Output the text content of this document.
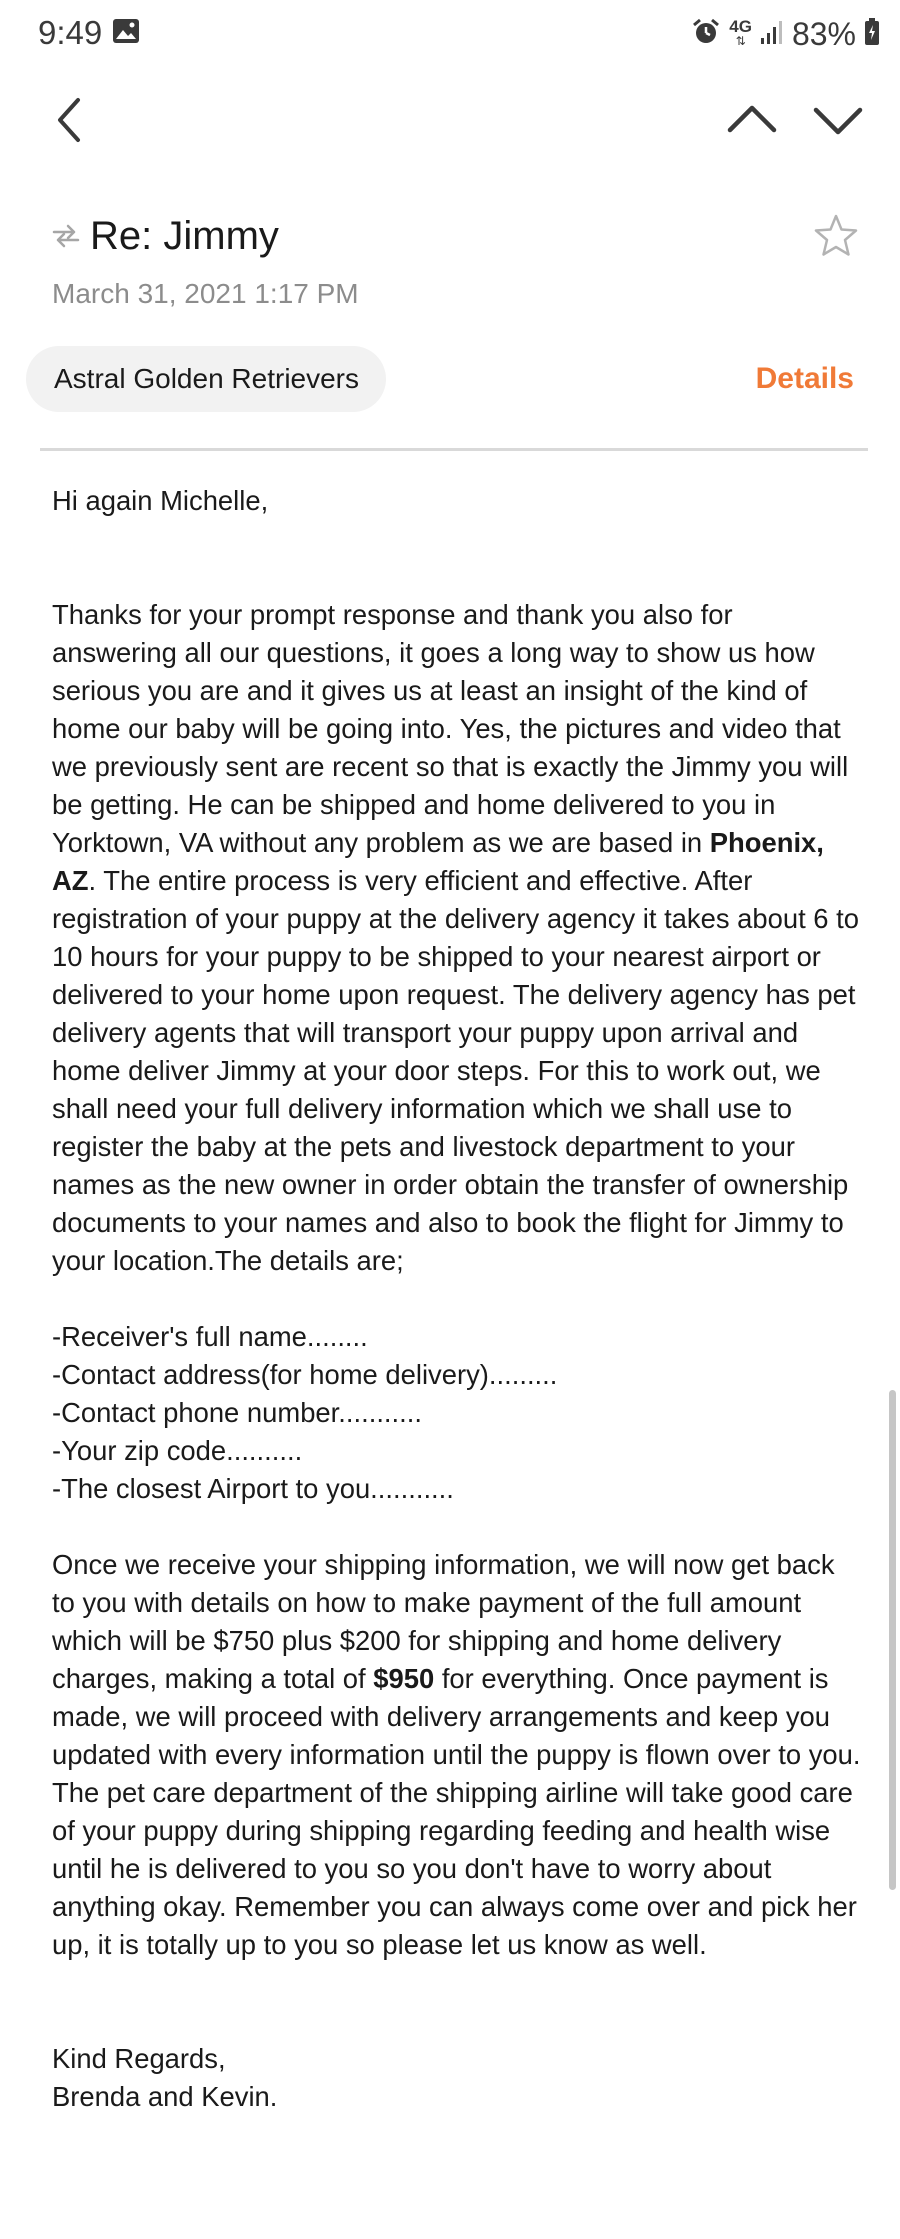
9:49	4G
⇅ 83%
Re: Jimmy
March 31, 2021 1:17 PM
Astral Golden Retrievers	Details

Hi again Michelle,

Thanks for your prompt response and thank you also for answering all our questions, it goes a long way to show us how serious you are and it gives us at least an insight of the kind of home our baby will be going into. Yes, the pictures and video that we previously sent are recent so that is exactly the Jimmy you will be getting. He can be shipped and home delivered to you in Yorktown, VA without any problem as we are based in Phoenix, AZ. The entire process is very efficient and effective. After registration of your puppy at the delivery agency it takes about 6 to 10 hours for your puppy to be shipped to your nearest airport or delivered to your home upon request. The delivery agency has pet delivery agents that will transport your puppy upon arrival and home deliver Jimmy at your door steps. For this to work out, we shall need your full delivery information which we shall use to register the baby at the pets and livestock department to your names as the new owner in order obtain the transfer of ownership documents to your names and also to book the flight for Jimmy to your location.The details are;

-Receiver's full name........

-Contact address(for home delivery).........

-Contact phone number...........

-Your zip code..........

-The closest Airport to you...........

Once we receive your shipping information, we will now get back to you with details on how to make payment of the full amount which will be $750 plus $200 for shipping and home delivery charges, making a total of $950 for everything. Once payment is made, we will proceed with delivery arrangements and keep you updated with every information until the puppy is flown over to you. The pet care department of the shipping airline will take good care of your puppy during shipping regarding feeding and health wise until he is delivered to you so you don't have to worry about anything okay. Remember you can always come over and pick her up, it is totally up to you so please let us know as well.

Kind Regards,

Brenda and Kevin.
